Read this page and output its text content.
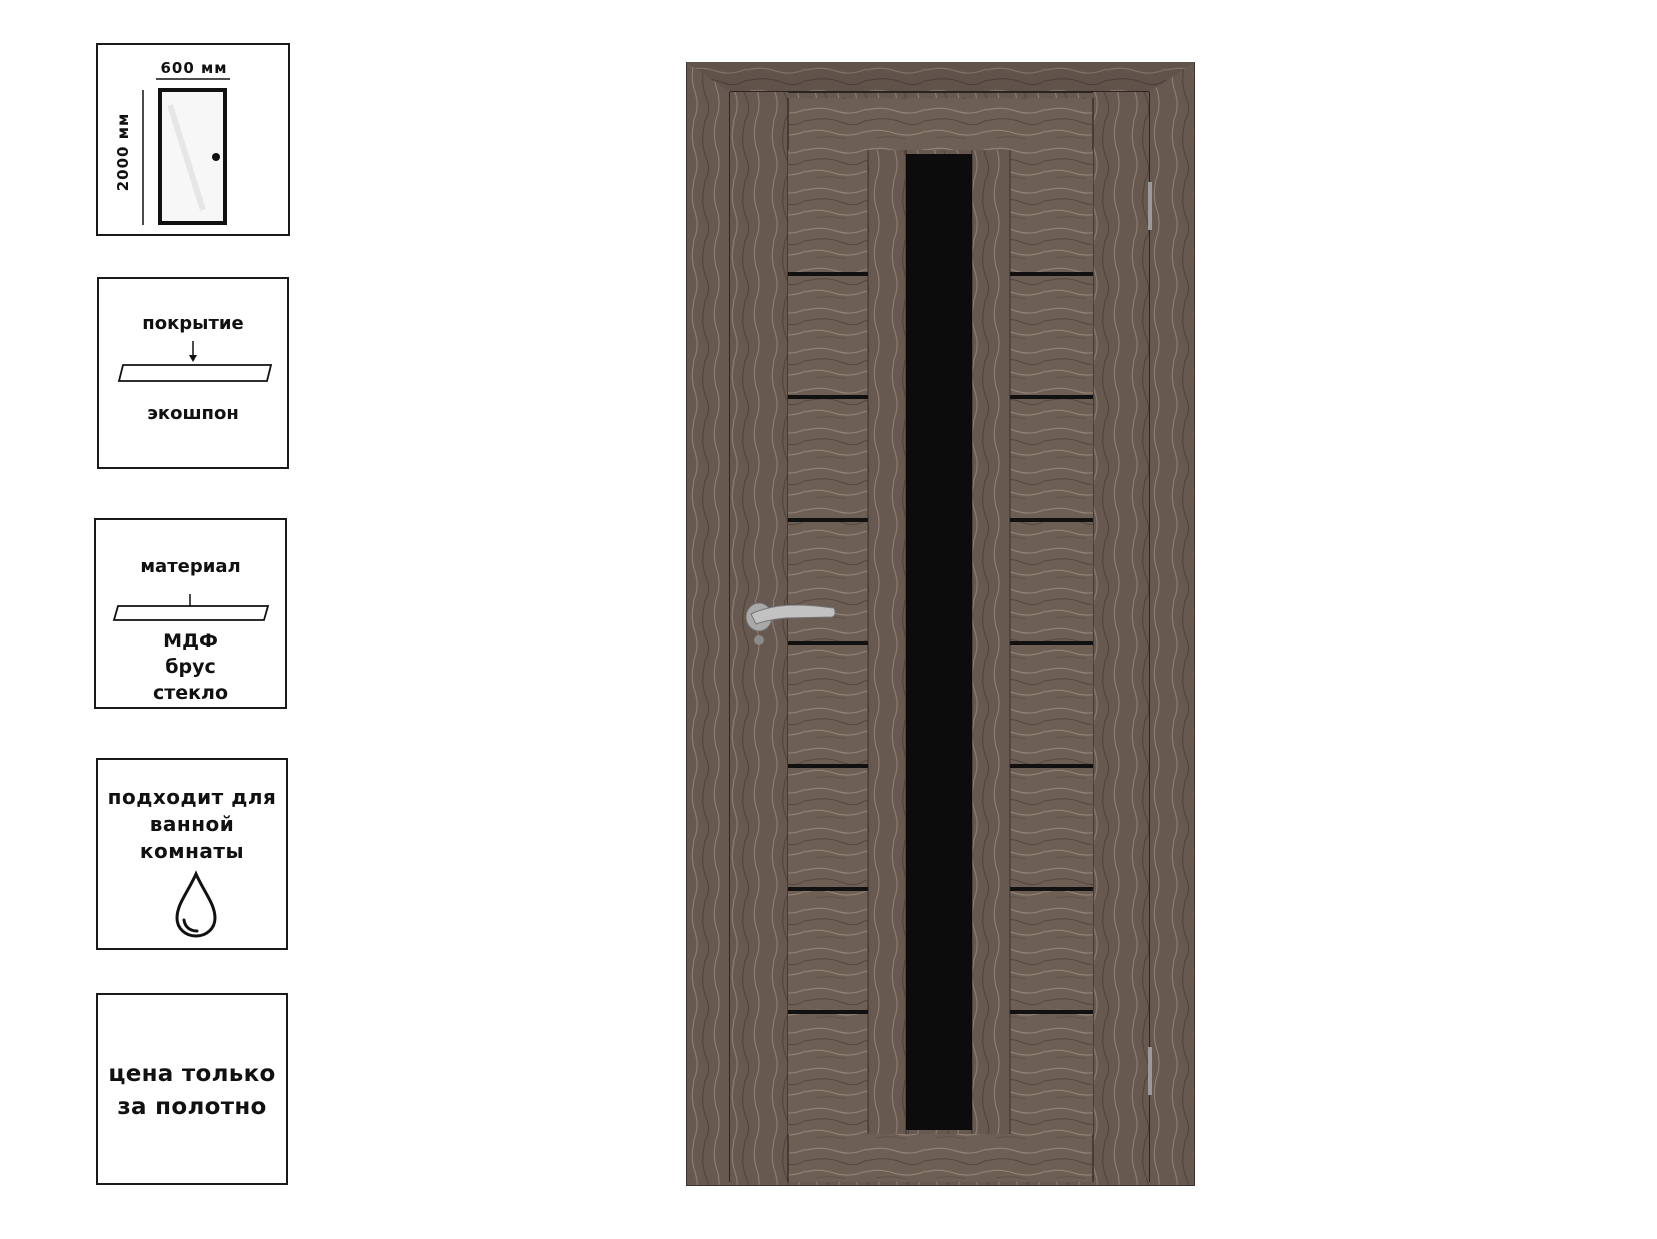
600 мм
2000 мм
покрытие
экошпон
материал
МДФ
брус
стекло
подходит для
ванной
комнаты
цена только
за полотно
